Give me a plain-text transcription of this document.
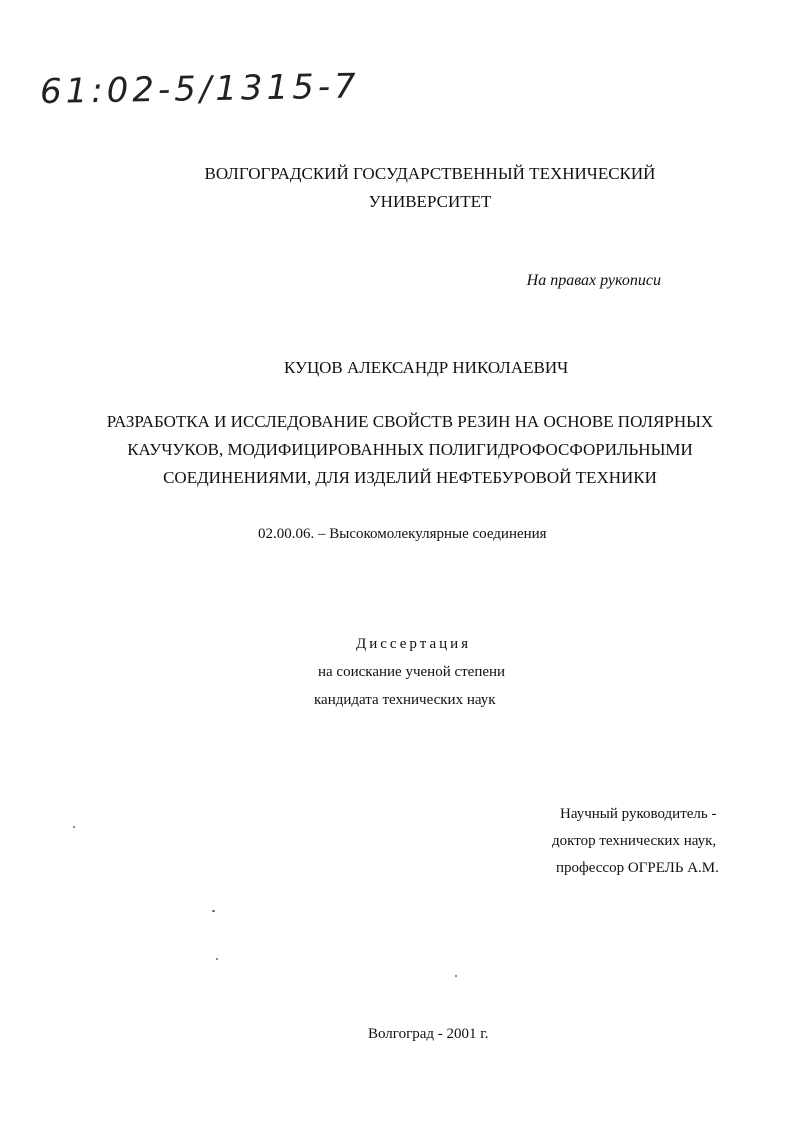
61:02-5/1315-7
ВОЛГОГРАДСКИЙ ГОСУДАРСТВЕННЫЙ ТЕХНИЧЕСКИЙ
УНИВЕРСИТЕТ
На правах рукописи
КУЦОВ АЛЕКСАНДР НИКОЛАЕВИЧ
РАЗРАБОТКА И ИССЛЕДОВАНИЕ СВОЙСТВ РЕЗИН НА ОСНОВЕ ПОЛЯРНЫХ
КАУЧУКОВ, МОДИФИЦИРОВАННЫХ ПОЛИГИДРОФОСФОРИЛЬНЫМИ
СОЕДИНЕНИЯМИ, ДЛЯ ИЗДЕЛИЙ НЕФТЕБУРОВОЙ ТЕХНИКИ
02.00.06. – Высокомолекулярные соединения
Диссертация
на соискание ученой степени
кандидата технических наук
Научный руководитель -
доктор технических наук,
профессор ОГРЕЛЬ А.М.
Волгоград - 2001 г.
